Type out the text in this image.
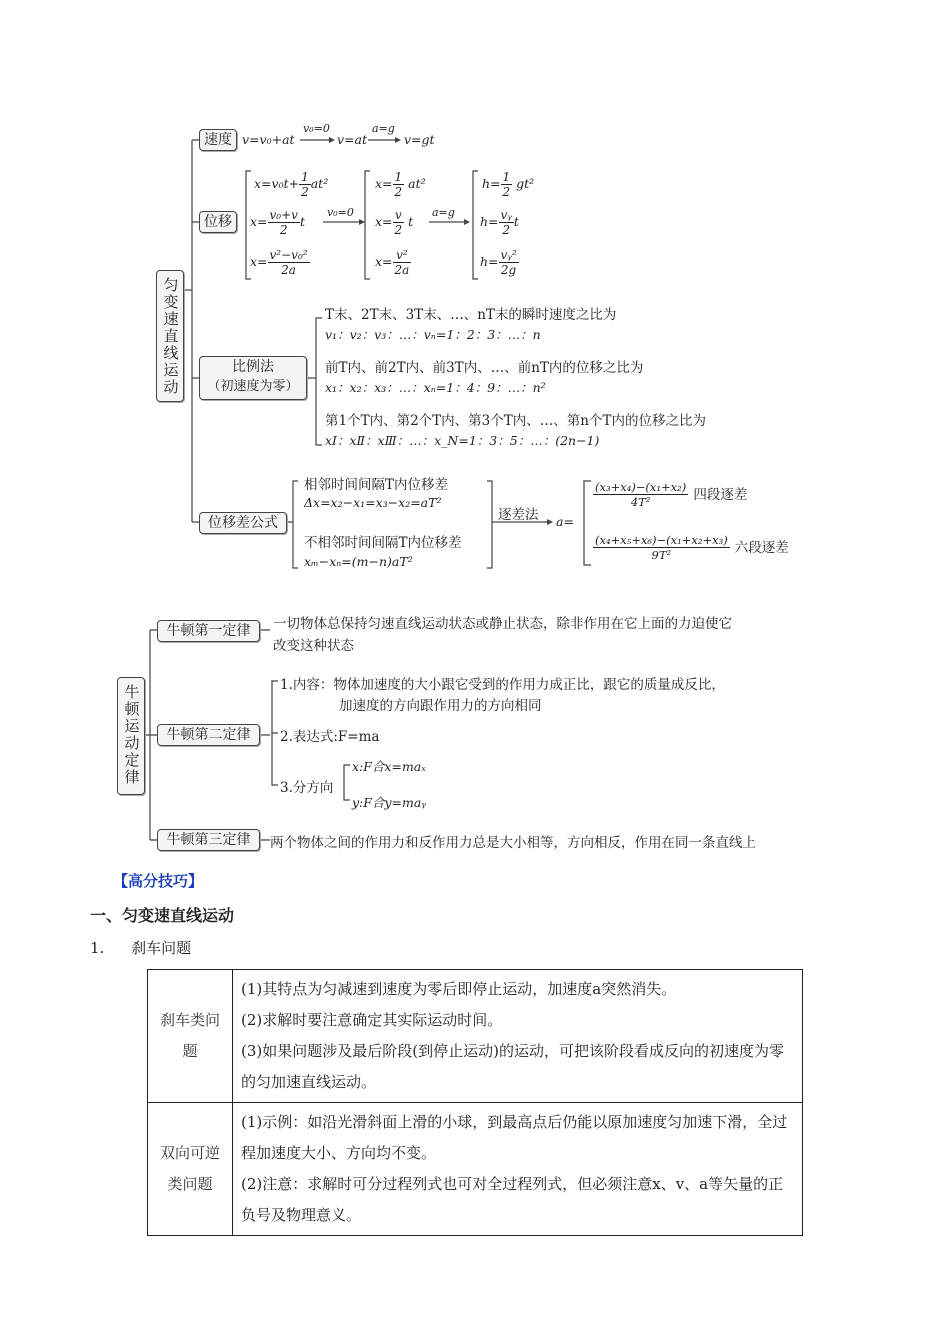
匀变速直线运动
速度 v=v₀+at
v₀=0
v=at
a=g
v=gt
位移
v₀=0	a=g
$x=v_0t+ \frac{1}{2} at^2$
$x= \frac{\text{v₀+v}}{2}$ t
$x= \frac{\text{v²−v₀²}}{2a}$
$x= \frac{1}{2} at^2$
$x= \frac{v}{2}$ t
$x= \frac{\text{v²}}{2a}$
$h= \frac{1}{2} gt^2$
$h= \frac{\text{vᵧ}}{2}$ t
$h= \frac{\text{vᵧ²}}{2g}$
比例法
（初速度为零）
T末、2T末、3T末、…、nT末的瞬时速度之比为
v₁：v₂：v₃：…：vₙ=1：2：3：…：n
前T内、前2T内、前3T内、…、前nT内的位移之比为
x₁：x₂：x₃：…：xₙ=1：4：9：…：n²
第1个T内、第2个T内、第3个T内、…、第n个T内的位移之比为
xⅠ：xⅡ：xⅢ：…：x_N=1：3：5：…：(2n−1)
位移差公式
相邻时间间隔T内位移差
Δx=x₂−x₁=x₃−x₂=aT²
不相邻时间间隔T内位移差
xₘ−xₙ=(m−n)aT²
逐差法 a=
$\frac{\text{(x₃+x₄)−(x₁+x₂)}}{\text{4T²}}$ 四段逐差
$\frac{\text{(x₄+x₅+x₆)−(x₁+x₂+x₃)}}{\text{9T²}}$ 六段逐差
牛顿运动定律
牛顿第一定律	一切物体总保持匀速直线运动状态或静止状态，除非作用在它上面的力迫使它
改变这种状态
牛顿第二定律
1.内容：物体加速度的大小跟它受到的作用力成正比，跟它的质量成反比，
加速度的方向跟作用力的方向相同
2.表达式:F=ma
3.分方向
x:F合x=maₓ
y:F合y=maᵧ
牛顿第三定律	两个物体之间的作用力和反作用力总是大小相等，方向相反，作用在同一条直线上
【高分技巧】
一、匀变速直线运动
1. 刹车问题
刹车类问题	(1)其特点为匀减速到速度为零后即停止运动，加速度a突然消失。
(2)求解时要注意确定其实际运动时间。
(3)如果问题涉及最后阶段(到停止运动)的运动，可把该阶段看成反向的初速度为零的匀加速直线运动。

双向可逆类问题	(1)示例：如沿光滑斜面上滑的小球，到最高点后仍能以原加速度匀加速下滑，全过程加速度大小、方向均不变。
(2)注意：求解时可分过程列式也可对全过程列式，但必须注意x、v、a等矢量的正负号及物理意义。
